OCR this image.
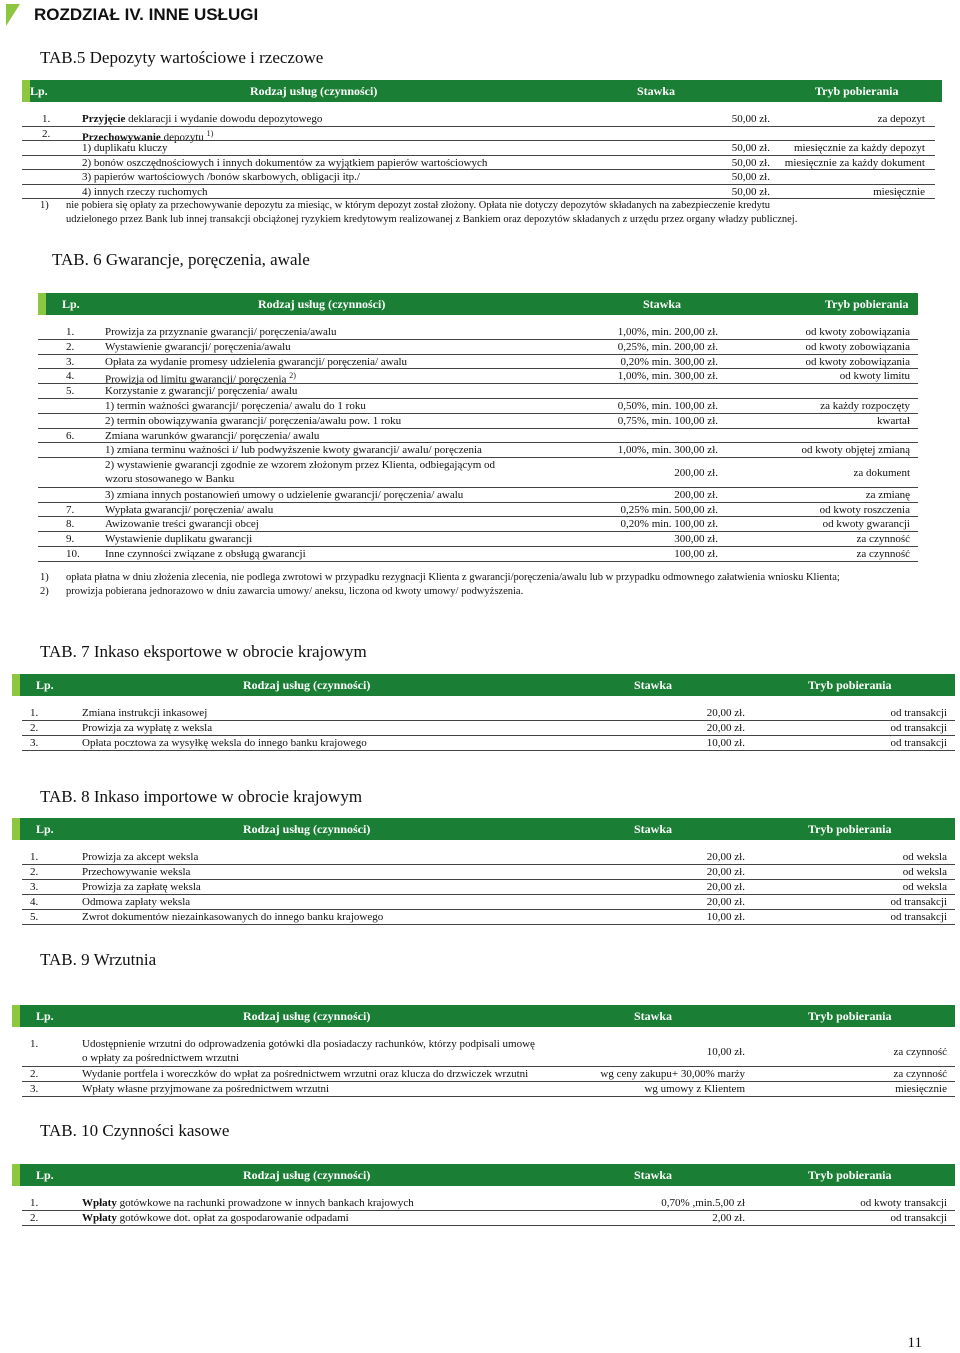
ROZDZIAŁ IV. INNE USŁUGI
TAB.5 Depozyty wartościowe i rzeczowe
Lp.	Rodzaj usług (czynności)	Stawka	Tryb pobierania
1.	Przyjęcie deklaracji i wydanie dowodu depozytowego	50,00 zł.	za depozyt
2.	Przechowywanie depozytu $^{1)}$
1) duplikatu kluczy	50,00 zł. miesięcznie za każdy depozyt
2) bonów oszczędnościowych i innych dokumentów za wyjątkiem papierów wartościowych	50,00 zł. miesięcznie za każdy dokument
3) papierów wartościowych /bonów skarbowych, obligacji itp./	50,00 zł.
4) innych rzeczy ruchomych	50,00 zł.	miesięcznie
1) nie pobiera się opłaty za przechowywanie depozytu za miesiąc, w którym depozyt został złożony. Opłata nie dotyczy depozytów składanych na zabezpieczenie kredytu
udzielonego przez Bank lub innej transakcji obciążonej ryzykiem kredytowym realizowanej z Bankiem oraz depozytów składanych z urzędu przez organy władzy publicznej.
TAB. 6 Gwarancje, poręczenia, awale
Lp.	Rodzaj usług (czynności)	Stawka	Tryb pobierania
1.	Prowizja za przyznanie gwarancji/ poręczenia/awalu	1,00%, min. 200,00 zł.	od kwoty zobowiązania
2.	Wystawienie gwarancji/ poręczenia/awalu	0,25%, min. 200,00 zł.	od kwoty zobowiązania
3.	Opłata za wydanie promesy udzielenia gwarancji/ poręczenia/ awalu	0,20% min. 300,00 zł.	od kwoty zobowiązania
4.	Prowizja od limitu gwarancji/ poręczenia $^{2)}$	1,00%, min. 300,00 zł.	od kwoty limitu
5.	Korzystanie z gwarancji/ poręczenia/ awalu
1) termin ważności gwarancji/ poręczenia/ awalu do 1 roku	0,50%, min. 100,00 zł.	za każdy rozpoczęty
2) termin obowiązywania gwarancji/ poręczenia/awalu pow. 1 roku	0,75%, min. 100,00 zł.	kwartał
6.	Zmiana warunków gwarancji/ poręczenia/ awalu
1) zmiana terminu ważności i/ lub podwyższenie kwoty gwarancji/ awalu/ poręczenia	1,00%, min. 300,00 zł.	od kwoty objętej zmianą
2) wystawienie gwarancji zgodnie ze wzorem złożonym przez Klienta, odbiegającym od
wzoru stosowanego w Banku
200,00 zł.	za dokument
3) zmiana innych postanowień umowy o udzielenie gwarancji/ poręczenia/ awalu	200,00 zł.	za zmianę
7.	Wypłata gwarancji/ poręczenia/ awalu	0,25% min. 500,00 zł.	od kwoty roszczenia
8.	Awizowanie treści gwarancji obcej	0,20% min. 100,00 zł.	od kwoty gwarancji
9.	Wystawienie duplikatu gwarancji	300,00 zł.	za czynność
10. Inne czynności związane z obsługą gwarancji	100,00 zł.	za czynność
1) opłata płatna w dniu złożenia zlecenia, nie podlega zwrotowi w przypadku rezygnacji Klienta z gwarancji/poręczenia/awalu lub w przypadku odmownego załatwienia wniosku Klienta;
2) prowizja pobierana jednorazowo w dniu zawarcia umowy/ aneksu, liczona od kwoty umowy/ podwyższenia.
TAB. 7 Inkaso eksportowe w obrocie krajowym
Lp.	Rodzaj usług (czynności)	Stawka	Tryb pobierania
1.	Zmiana instrukcji inkasowej	20,00 zł.	od transakcji
2.	Prowizja za wypłatę z weksla	20,00 zł.	od transakcji
3.	Opłata pocztowa za wysyłkę weksla do innego banku krajowego	10,00 zł.	od transakcji
TAB. 8 Inkaso importowe w obrocie krajowym
Lp.	Rodzaj usług (czynności)	Stawka	Tryb pobierania
1.	Prowizja za akcept weksla	20,00 zł.	od weksla
2.	Przechowywanie weksla	20,00 zł.	od weksla
3.	Prowizja za zapłatę weksla	20,00 zł.	od weksla
4.	Odmowa zapłaty weksla	20,00 zł.	od transakcji
5.	Zwrot dokumentów niezainkasowanych do innego banku krajowego	10,00 zł.	od transakcji
TAB. 9 Wrzutnia
Lp.	Rodzaj usług (czynności)	Stawka	Tryb pobierania
1.	Udostępnienie wrzutni do odprowadzenia gotówki dla posiadaczy rachunków, którzy podpisali umowę
o wpłaty za pośrednictwem wrzutni
10,00 zł.	za czynność
2.	Wydanie portfela i woreczków do wpłat za pośrednictwem wrzutni oraz klucza do drzwiczek wrzutni	wg ceny zakupu+ 30,00% marży	za czynność
3.	Wpłaty własne przyjmowane za pośrednictwem wrzutni	wg umowy z Klientem	miesięcznie
TAB. 10 Czynności kasowe
Lp.	Rodzaj usług (czynności)	Stawka	Tryb pobierania
1.	Wpłaty gotówkowe na rachunki prowadzone w innych bankach krajowych	0,70% ,min.5,00 zł	od kwoty transakcji
2.	Wpłaty gotówkowe dot. opłat za gospodarowanie odpadami	2,00 zł.	od transakcji
11
